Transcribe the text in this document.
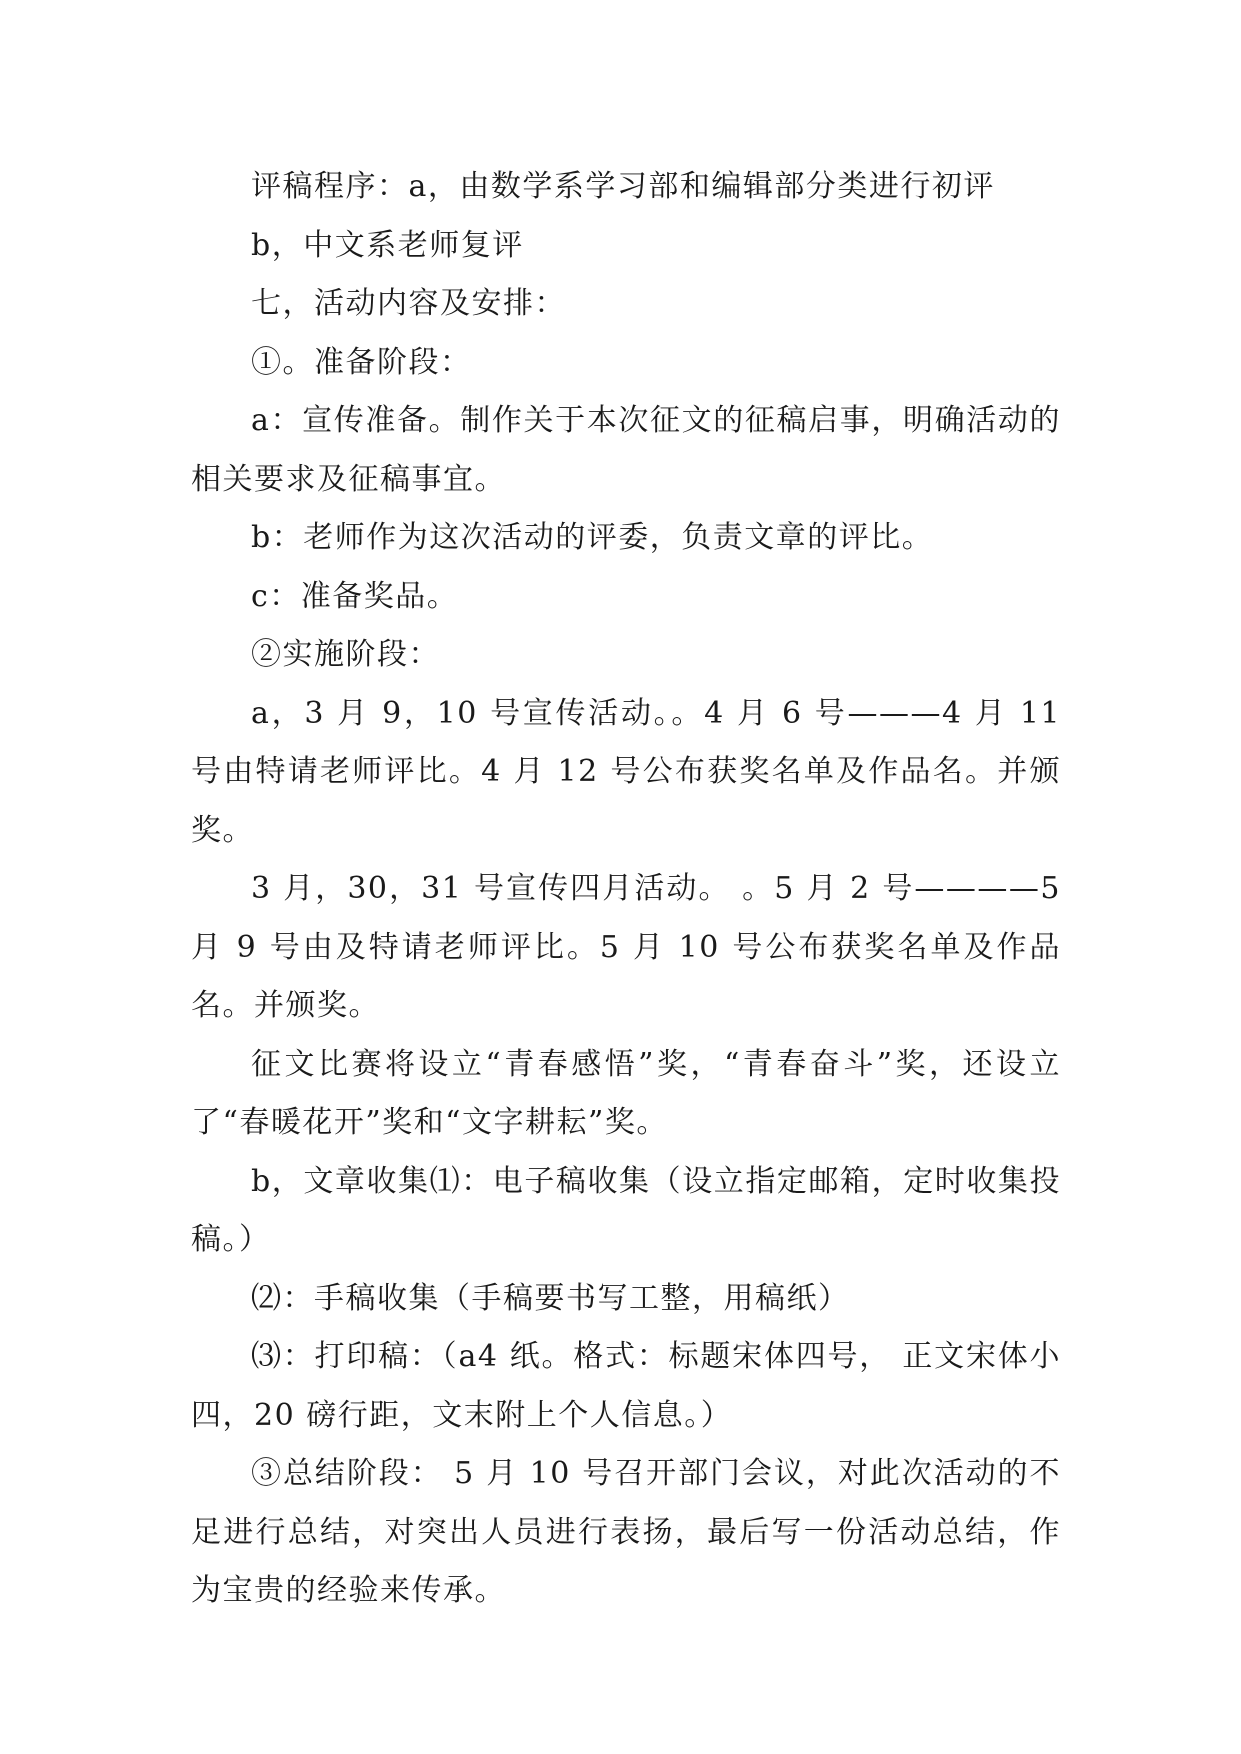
评稿程序：a，由数学系学习部和编辑部分类进行初评

b，中文系老师复评

七，活动内容及安排：

①。准备阶段：

a：宣传准备。制作关于本次征文的征稿启事，明确活动的相关要求及征稿事宜。

b：老师作为这次活动的评委，负责文章的评比。

c：准备奖品。

②实施阶段：

a，3 月 9，10 号宣传活动。。4 月 6 号———4 月 11 号由特请老师评比。4 月 12 号公布获奖名单及作品名。并颁奖。

3 月，30，31 号宣传四月活动。 。5 月 2 号————5 月 9 号由及特请老师评比。5 月 10 号公布获奖名单及作品名。并颁奖。

征文比赛将设立“青春感悟”奖，“青春奋斗”奖，还设立了“春暖花开”奖和“文字耕耘”奖。

b，文章收集⑴：电子稿收集（设立指定邮箱，定时收集投稿。）

⑵：手稿收集（手稿要书写工整，用稿纸）

⑶：打印稿：（a4 纸。格式：标题宋体四号， 正文宋体小四，20 磅行距，文末附上个人信息。）

③总结阶段： 5 月 10 号召开部门会议，对此次活动的不足进行总结，对突出人员进行表扬，最后写一份活动总结，作为宝贵的经验来传承。
